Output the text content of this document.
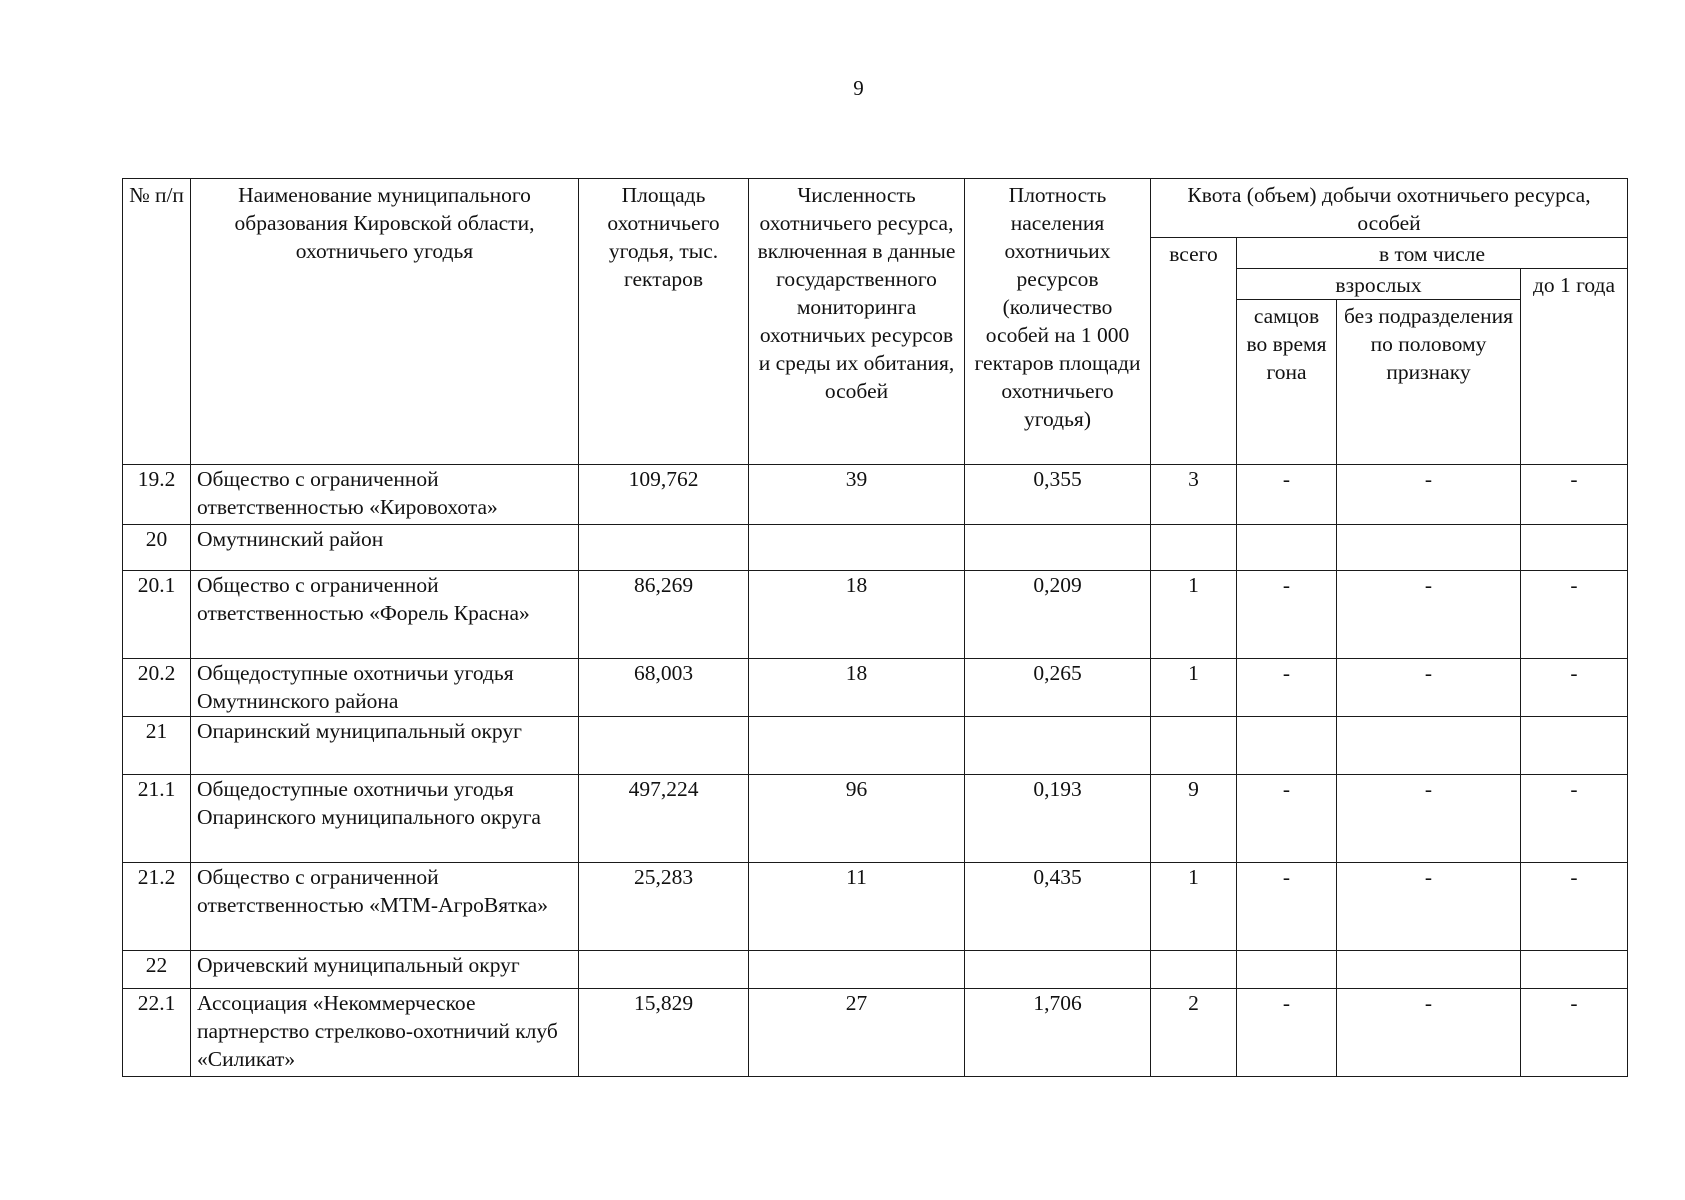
9
№ п/п	Наименование муниципального образования Кировской области, охотничьего угодья	Площадь охотничьего угодья, тыс. гектаров	Численность охотничьего ресурса, включенная в данные государственного мониторинга охотничьих ресурсов и среды их обитания, особей	Плотность населения охотничьих ресурсов (количество особей на 1 000 гектаров площади охотничьего угодья)	Квота (объем) добычи охотничьего ресурса, особей			

					всего	в том числе		
						взрослых		до 1 года
						самцов во время гона	без подразделения по половому признаку	
19.2	Общество с ограниченной ответственностью «Кировохота»	109,762	39	0,355	3	-	-	-
20	Омутнинский район							
20.1	Общество с ограниченной ответственностью «Форель Красна»	86,269	18	0,209	1	-	-	-
20.2	Общедоступные охотничьи угодья Омутнинского района	68,003	18	0,265	1	-	-	-
21	Опаринский муниципальный округ							
21.1	Общедоступные охотничьи угодья Опаринского муниципального округа	497,224	96	0,193	9	-	-	-
21.2	Общество с ограниченной ответственностью «МТМ-АгроВятка»	25,283	11	0,435	1	-	-	-
22	Оричевский муниципальный округ							
22.1	Ассоциация «Некоммерческое партнерство стрелково-охотничий клуб «Силикат»	15,829	27	1,706	2	-	-	-
